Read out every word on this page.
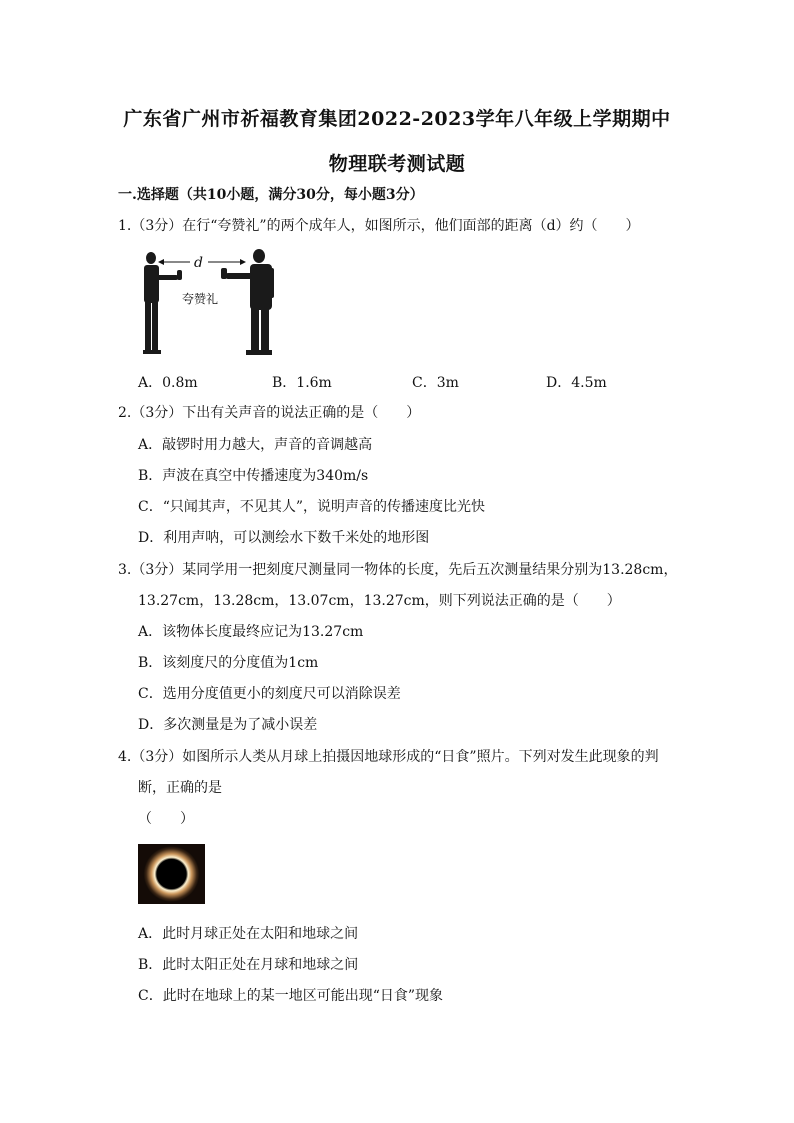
广东省广州市祈福教育集团2022-2023学年八年级上学期期中
物理联考测试题
一.选择题（共10小题，满分30分，每小题3分）
1.（3分）在行“夸赞礼”的两个成年人，如图所示，他们面部的距离（d）约（　　）
d
夸赞礼
A．0.8m	B．1.6m	C．3m	D．4.5m
2.（3分）下出有关声音的说法正确的是（　　）
A．敲锣时用力越大，声音的音调越高
B．声波在真空中传播速度为340m/s
C．“只闻其声，不见其人”，说明声音的传播速度比光快
D．利用声呐，可以测绘水下数千米处的地形图
3.（3分）某同学用一把刻度尺测量同一物体的长度，先后五次测量结果分别为13.28cm，
13.27cm，13.28cm，13.07cm，13.27cm，则下列说法正确的是（　　）
A．该物体长度最终应记为13.27cm
B．该刻度尺的分度值为1cm
C．选用分度值更小的刻度尺可以消除误差
D．多次测量是为了减小误差
4.（3分）如图所示人类从月球上拍摄因地球形成的“日食”照片。下列对发生此现象的判
断，正确的是
（　　）
A．此时月球正处在太阳和地球之间
B．此时太阳正处在月球和地球之间
C．此时在地球上的某一地区可能出现“日食”现象
